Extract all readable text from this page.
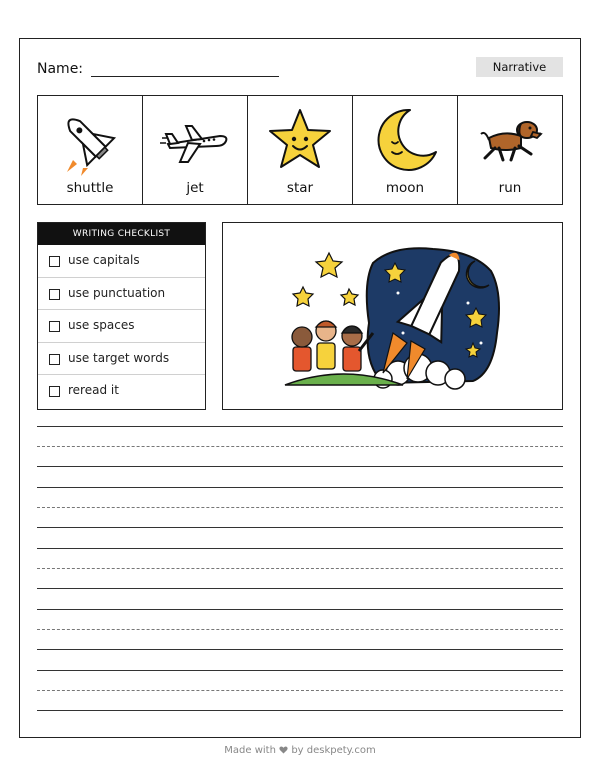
Name:	Narrative
shuttle	jet	star	moon	run
WRITING CHECKLIST
use capitals
use punctuation
use spaces
use target words
reread it
Made with by deskpety.com
